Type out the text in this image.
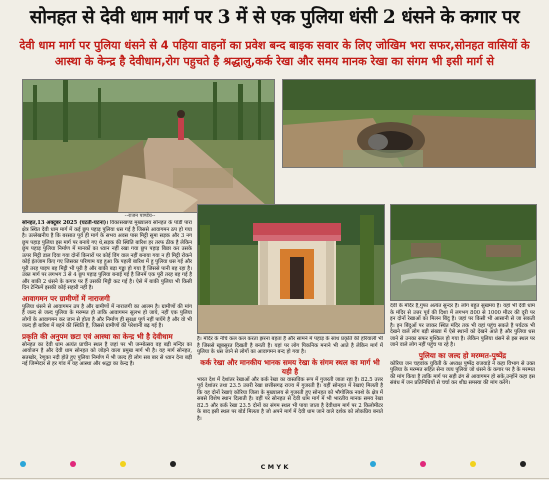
सोनहत से देवी धाम मार्ग पर 3 में से एक पुलिया धंसी 2 धंसने के कगार पर
देवी धाम मार्ग पर पुलिया धंसने से 4 पहिया वाहनों का प्रवेश बन्द बाइक सवार के लिए जोखिम भरा सफर,सोनहत वासियों के आस्था के केन्द्र है देवीधाम,रोग पहुचते है श्रद्धालु,कर्क रेखा और समय मानक रेखा का संगम भी इसी मार्ग से
--राजन पाण्डेय--

सोनहत,13 अक्टूबर 2025 (घटती-घटना)। विकासखण्ड मुख्यालय सोनहत के पांडी पारा क्षेत्र स्थित देवी धाम मार्ग में कई छुप पहाड़ पुलिया धस गई है जिससे आवागमन ठप हो गया है। उल्लेखनीय है कि बरसात पूर्व ही मार्ग के सभव अवस पास मिट्टी सुमा सड़क और 3 नग छूप पहाड़ पुलिया इस मार्ग पर बनाये गए थे,सड़क की स्थिति बारिश हर तरफ ठीक है लेकिन छूप पहाड़ पुलिया निर्माण में मानकों का ध्यान नहीं रखा गया छूप पहाड़ बिछा कर उसके ऊपर मिट्टी डाल दिया गया दोनों किनारों पर कोई विंग वाल नहीं बनाया गया न ही मिट्टी रोकने कोई इंतजाम किए गए जिसका परिणाम यह हुआ कि पहली बारिश में हु पुलिया धस गई और पूरी तरह पाइप बह मिट्टी भी पूरी है और बाकी बड़ा गड्ढा हो गया है जिससे पानी बह रहा है। उक्त मार्ग पर लगभग 3 से 4 छूप पहाड़ पुलिया बनाई गई है जिनमें एक पूरी तरह बह गई है और बाकी 2 धंसने के कगार पर हैं उसकी मिट्टी कट गई है। ऐसे में बाकी पुलिया भी किसी दिन टेन्किमें इसकी कोई सहारी नहीं है।

आवागमन पर ग्रामीणों में नाराजगी

पुलिया धंसने से आवागमन ठप है और ग्रामीणों में नाराजगी का आलम है। ग्रामीणों की मांग है जल्द से जल्द पुलिया के मरम्मत हो ताकि आवागमन सुलभ हो जाये, नहीं एक पुलिया लोगों के आवागमन कर जान से होता है और निर्माण ही सुरक्षा पूर्ण नहीं पायेंगे है और वो भी जल्द ही बारिश में बहने की स्थिति है, जिससे ग्रामीणों की परेशानी बढ़ गई है।

प्रकृति की अनुपम छटा एवं आस्था का केन्द्र भी है देवीधाम

सोनहत का देवी धाम अत्यंत प्राचीन स्थल है जहां पर भी जन्मोत्सव वह बड़ी मन्दिर का आयोजन है और देवी धाम सोनहत को जोड़ने वाला प्रमुख मार्ग भी है। यह मार्ग सोनहत, सतखोर, रेणुका नदी होते हुए पुलिया निर्माण में भी जल्द ही लोग सब बार से ध्यान देना बड़ी नई जिम्मेदार से हर गांव में यह आस्था और श्रद्धा का केन्द्र है।

है। मंदिर के नीचे कल कल करता झरना बहता है और सामने में पहाड़ के साथ प्रकृति की हरियाली भी है जिससे खूबसूरत दिखती है बनती है। यहां पर लोग पिकनिक मनाने भी आते है लेकिन मार्ग में पुलिया के धस जाने से लोगों का आवागमन बन्द हो गया है।

कर्क रेखा और मानकीय भानक समय रेखा के संगम स्थल का मार्ग भी यही है

भारत देश में देशांतर रेखाओं और कर्क रेखा का वास्तविक रूप में गुजरती जाता रहा है। 82.5 उत्तर पूर्व देशांतर तथा 23.5 उत्तरी रेखा छत्तीसगढ़ राज्य में गुजरती है। यहीं सोनहत में रेखाएं मिलती है कि यह दोनों रेखाएं कोरिया जिला के मुख्यालय से गुजरती हुए सोनहत को भौगोलिक नक्शे के क्षेत्र में सबसे विशेष स्थान दिलाती है। वहीं पर सोनहत से देवी धाम मार्ग में भी भारतीय मानक समय रेखा 82.5 और कर्क रेखा 23.5 दोनों का संगम स्थल भी पाया जाता है देवीधाम मार्ग पर 2 किलोमीटर के बाद इसी स्थल पर बोर्ड मिलता है जो अपने मार्ग में देवी धाम जाने वाले दर्शक को लोकप्रिय बनाते है।

देवी के मंदिर है,गुफा अत्यंत सुन्दर है। लोग बहुत सुखमय है। यहां भी देवी धाम के मंदिर से उत्तर पूर्व की दिशा में लगभग 800 से 1000 मीटर की दूरी पर इन दोनों रेखाओं का मिलन बिंदु है। जहां पर किसी भी आसानी से जा सकती है। इन बिंदुओं पर जाकर स्थित मंदिर तक भी वहां पहुंच सकते है पर्यटक भी देखने वाले लोग बड़ी संख्या में ऐसे स्थानों को देखने आते है और पुलिया धस जाने से उनका सफर मुश्किल हो गया है। लेकिन पुलिया धंसने से इस स्थल पर जाने वाले लोग नहीं पहुंच पा रहे है।

पुलिया का जल्द हो मरम्मत-पुष्पेंद्र

कोरिया जन चहवांक युविती के अध्यक्ष पुष्पेंद्र राजवाड़े ने कहा विभाग से उक्त पुलिया के मरम्मत सहित सेना व्यय पुलिया जो धंसने के कगार पर है के मरम्मत की मांग किया है ताकि मार्ग पर सही ढंग से आवागमन हो सके,उन्होंने कहा इस संबंध में जन प्रतिनिधियों से चर्चा कर शीघ्र समस्या की मांग करेंगे।

C M Y K
